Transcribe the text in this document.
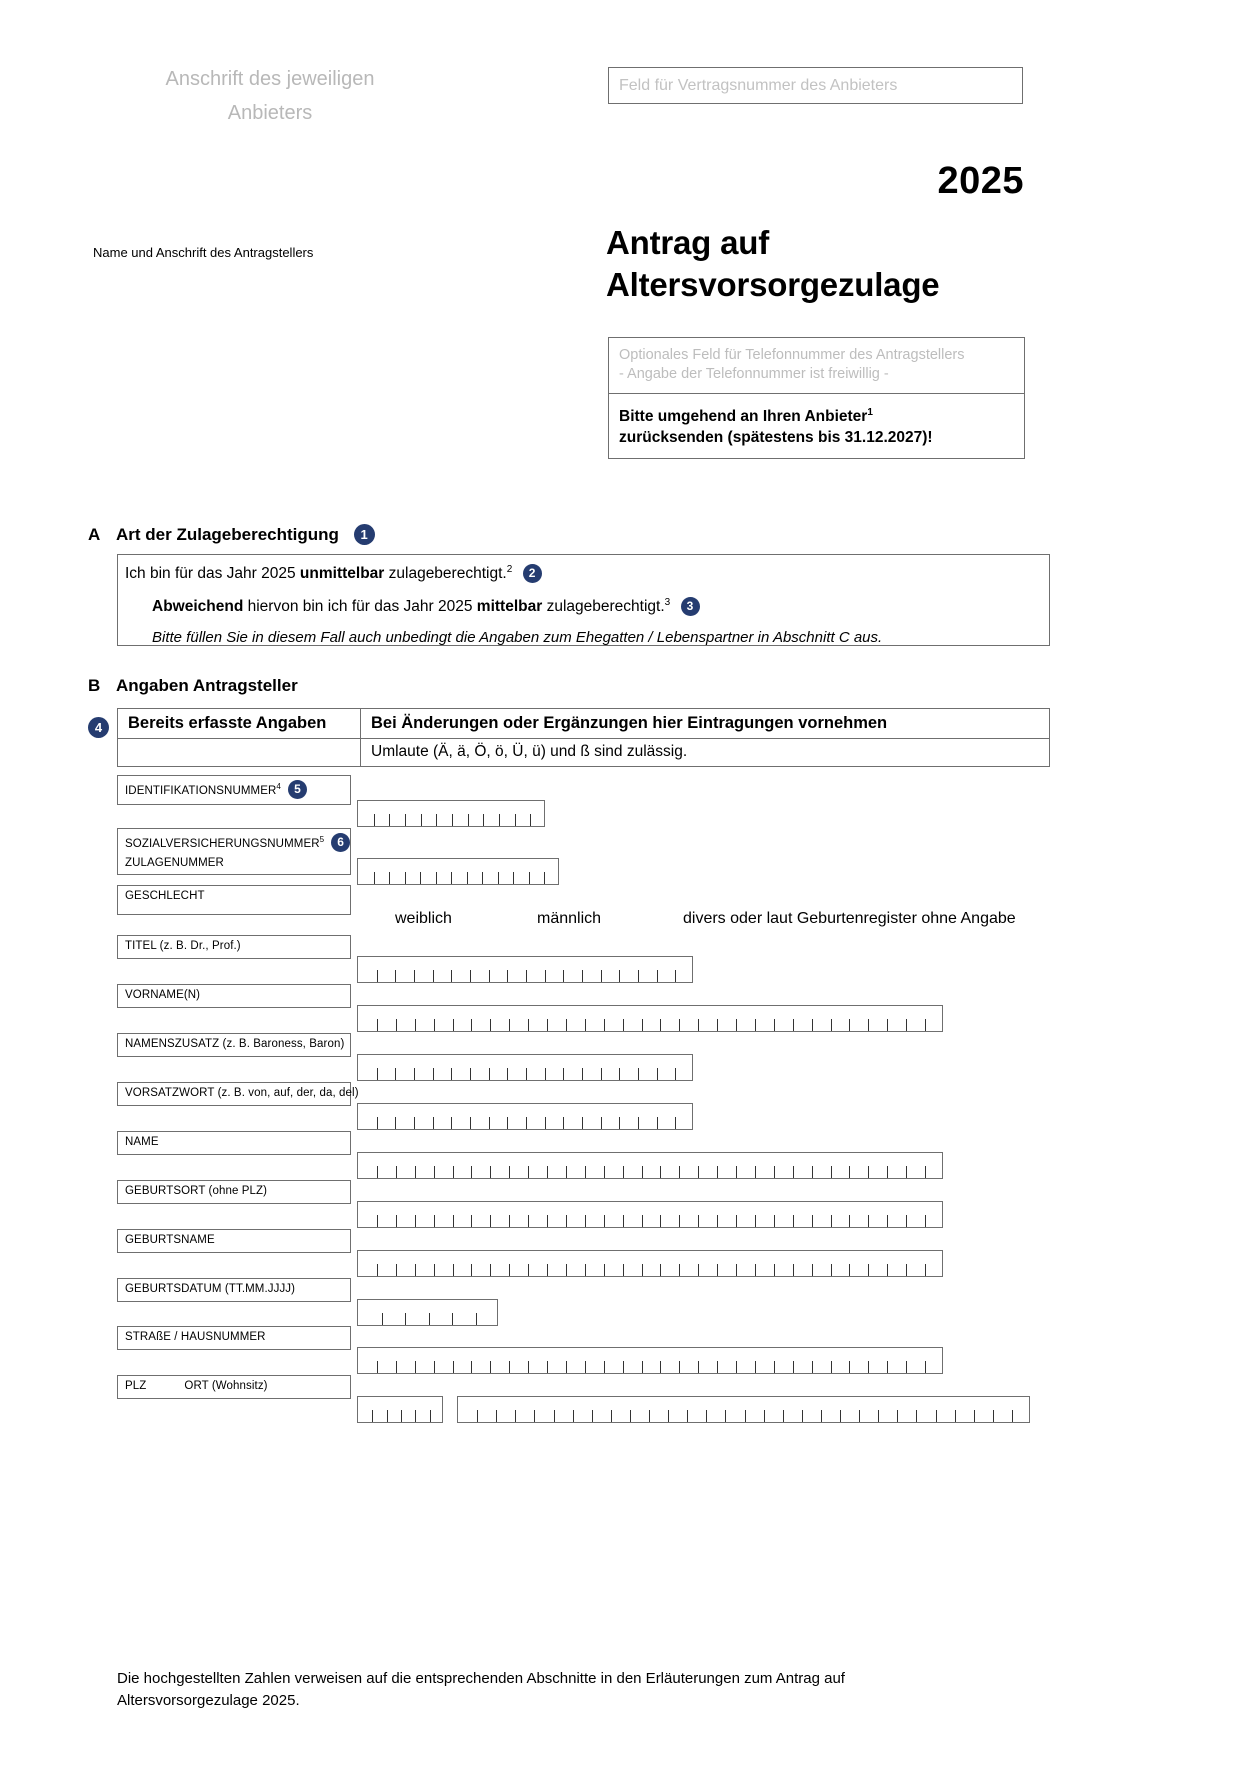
Anschrift des jeweiligen
Anbieters
Feld für Vertragsnummer des Anbieters
2025
Name und Anschrift des Antragstellers	Antrag auf
Altersvorsorgezulage
Optionales Feld für Telefonnummer des Antragstellers
- Angabe der Telefonnummer ist freiwillig -
Bitte umgehend an Ihren Anbieter$^1$
zurücksenden (spätestens bis 31.12.2027)!
A Art der Zulageberechtigung 1
Ich bin für das Jahr 2025 unmittelbar zulageberechtigt.$^2$ 2
Abweichend hiervon bin ich für das Jahr 2025 mittelbar zulageberechtigt.$^3$ 3
Bitte füllen Sie in diesem Fall auch unbedingt die Angaben zum Ehegatten / Lebenspartner in Abschnitt C aus.
B Angaben Antragsteller
4	Bereits erfasste Angaben	Bei Änderungen oder Ergänzungen hier Eintragungen vornehmen

Umlaute (Ä, ä, Ö, ö, Ü, ü) und ß sind zulässig.
IDENTIFIKATIONSNUMMER$^4$ 5
SOZIALVERSICHERUNGSNUMMER$^5$ 6
ZULAGENUMMER
GESCHLECHT
TITEL (z. B. Dr., Prof.)
VORNAME(N)
NAMENSZUSATZ (z. B. Baroness, Baron)
VORSATZWORT (z. B. von, auf, der, da, del)
NAME
GEBURTSORT (ohne PLZ)
GEBURTSNAME
GEBURTSDATUM (TT.MM.JJJJ)
STRAßE / HAUSNUMMER
PLZ	ORT (Wohnsitz)
weiblich	männlich	divers oder laut Geburtenregister ohne Angabe
Die hochgestellten Zahlen verweisen auf die entsprechenden Abschnitte in den Erläuterungen zum Antrag auf
Altersvorsorgezulage 2025.
